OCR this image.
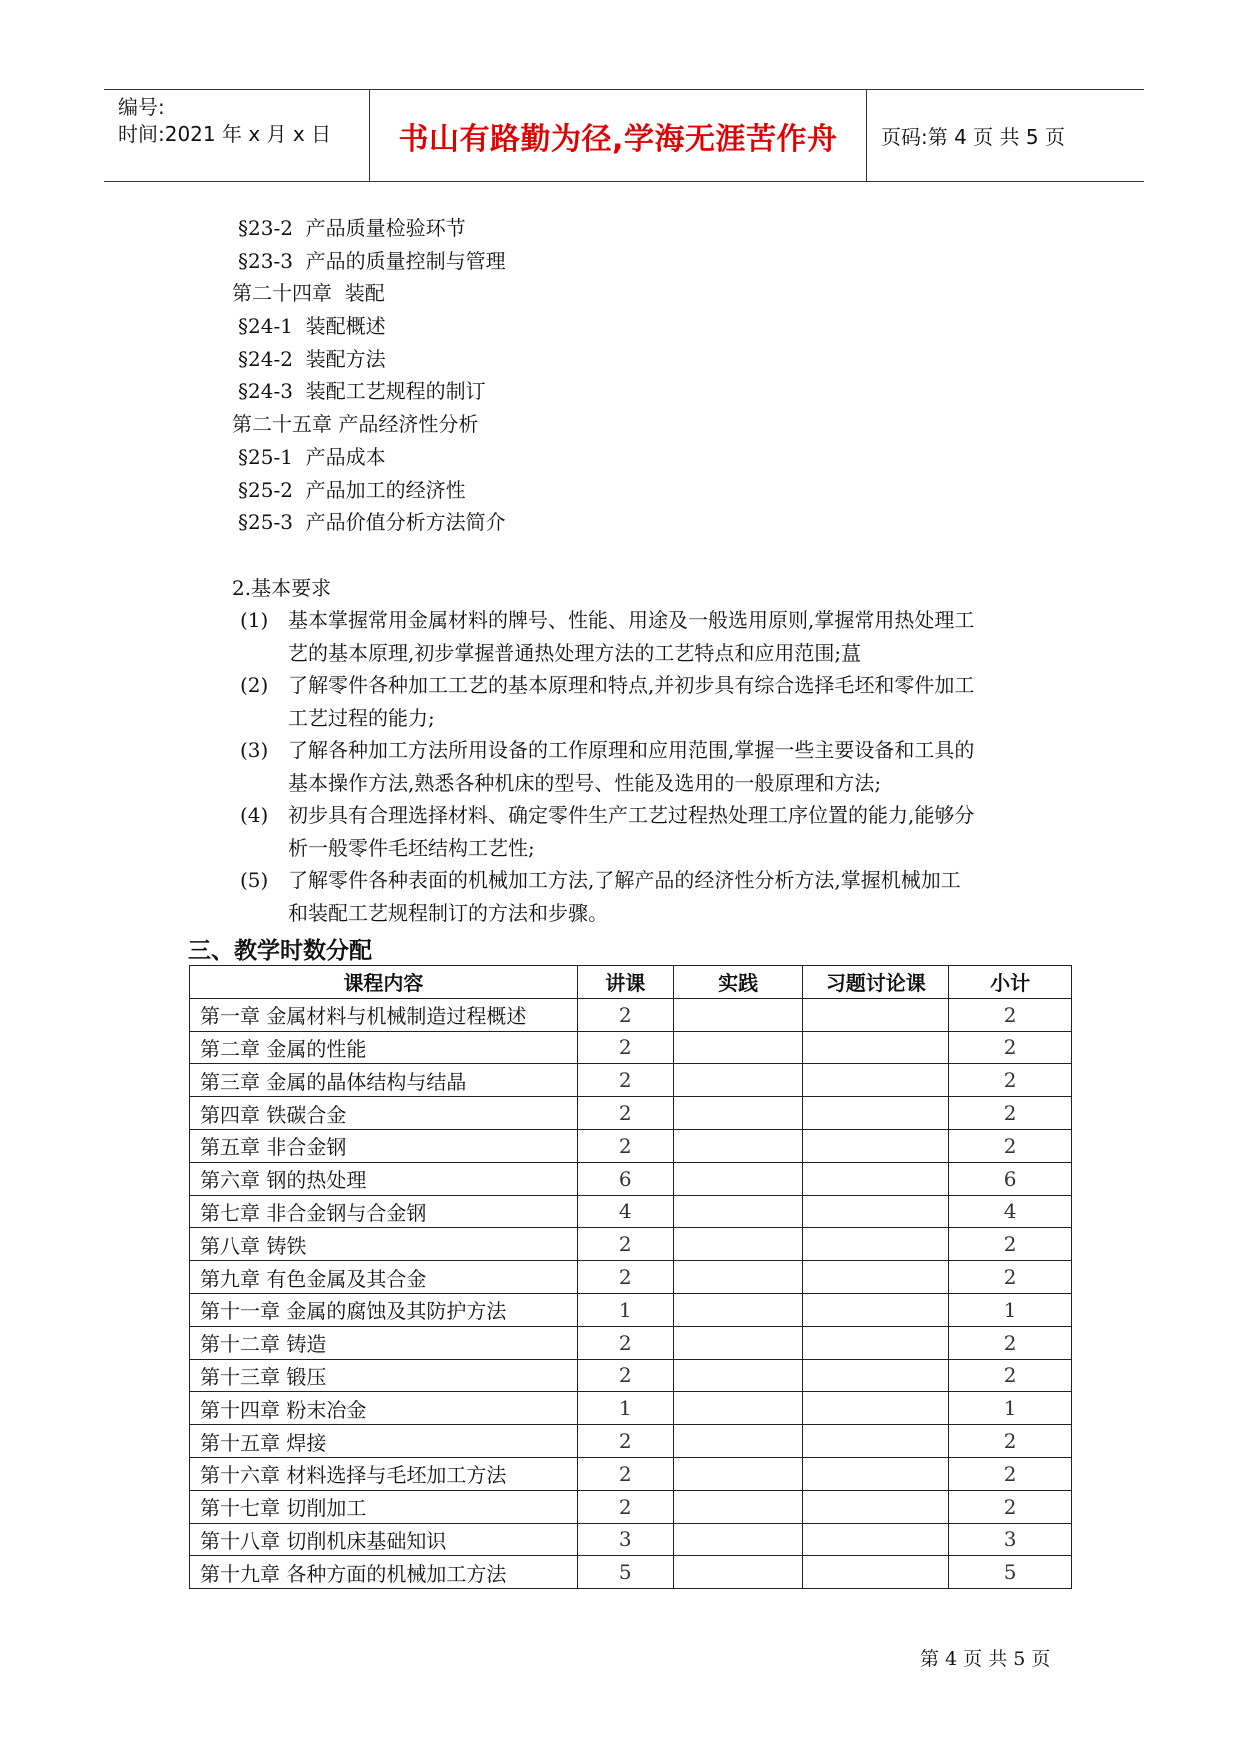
编号:
时间:2021 年 x 月 x 日	书山有路勤为径,学海无涯苦作舟	页码:第 4 页 共 5 页
§23-2  产品质量检验环节
§23-3  产品的质量控制与管理
第二十四章  装配
§24-1  装配概述
§24-2  装配方法
§24-3  装配工艺规程的制订
第二十五章 产品经济性分析
§25-1  产品成本
§25-2  产品加工的经济性
§25-3  产品价值分析方法简介
2.基本要求
(1) 基本掌握常用金属材料的牌号、性能、用途及一般选用原则,掌握常用热处理工
艺的基本原理,初步掌握普通热处理方法的工艺特点和应用范围;蒀
(2) 了解零件各种加工工艺的基本原理和特点,并初步具有综合选择毛坯和零件加工
工艺过程的能力;
(3) 了解各种加工方法所用设备的工作原理和应用范围,掌握一些主要设备和工具的
基本操作方法,熟悉各种机床的型号、性能及选用的一般原理和方法;
(4) 初步具有合理选择材料、确定零件生产工艺过程热处理工序位置的能力,能够分
析一般零件毛坯结构工艺性;
(5) 了解零件各种表面的机械加工方法,了解产品的经济性分析方法,掌握机械加工
和装配工艺规程制订的方法和步骤。
三、教学时数分配
课程内容	讲课	实践	习题讨论课	小计
第一章 金属材料与机械制造过程概述	2			2
第二章 金属的性能	2			2
第三章 金属的晶体结构与结晶	2			2
第四章 铁碳合金	2			2
第五章 非合金钢	2			2
第六章 钢的热处理	6			6
第七章 非合金钢与合金钢	4			4
第八章 铸铁	2			2
第九章 有色金属及其合金	2			2
第十一章 金属的腐蚀及其防护方法	1			1
第十二章 铸造	2			2
第十三章 锻压	2			2
第十四章 粉末冶金	1			1
第十五章 焊接	2			2
第十六章 材料选择与毛坯加工方法	2			2
第十七章 切削加工	2			2
第十八章 切削机床基础知识	3			3
第十九章 各种方面的机械加工方法	5			5
第 4 页 共 5 页
